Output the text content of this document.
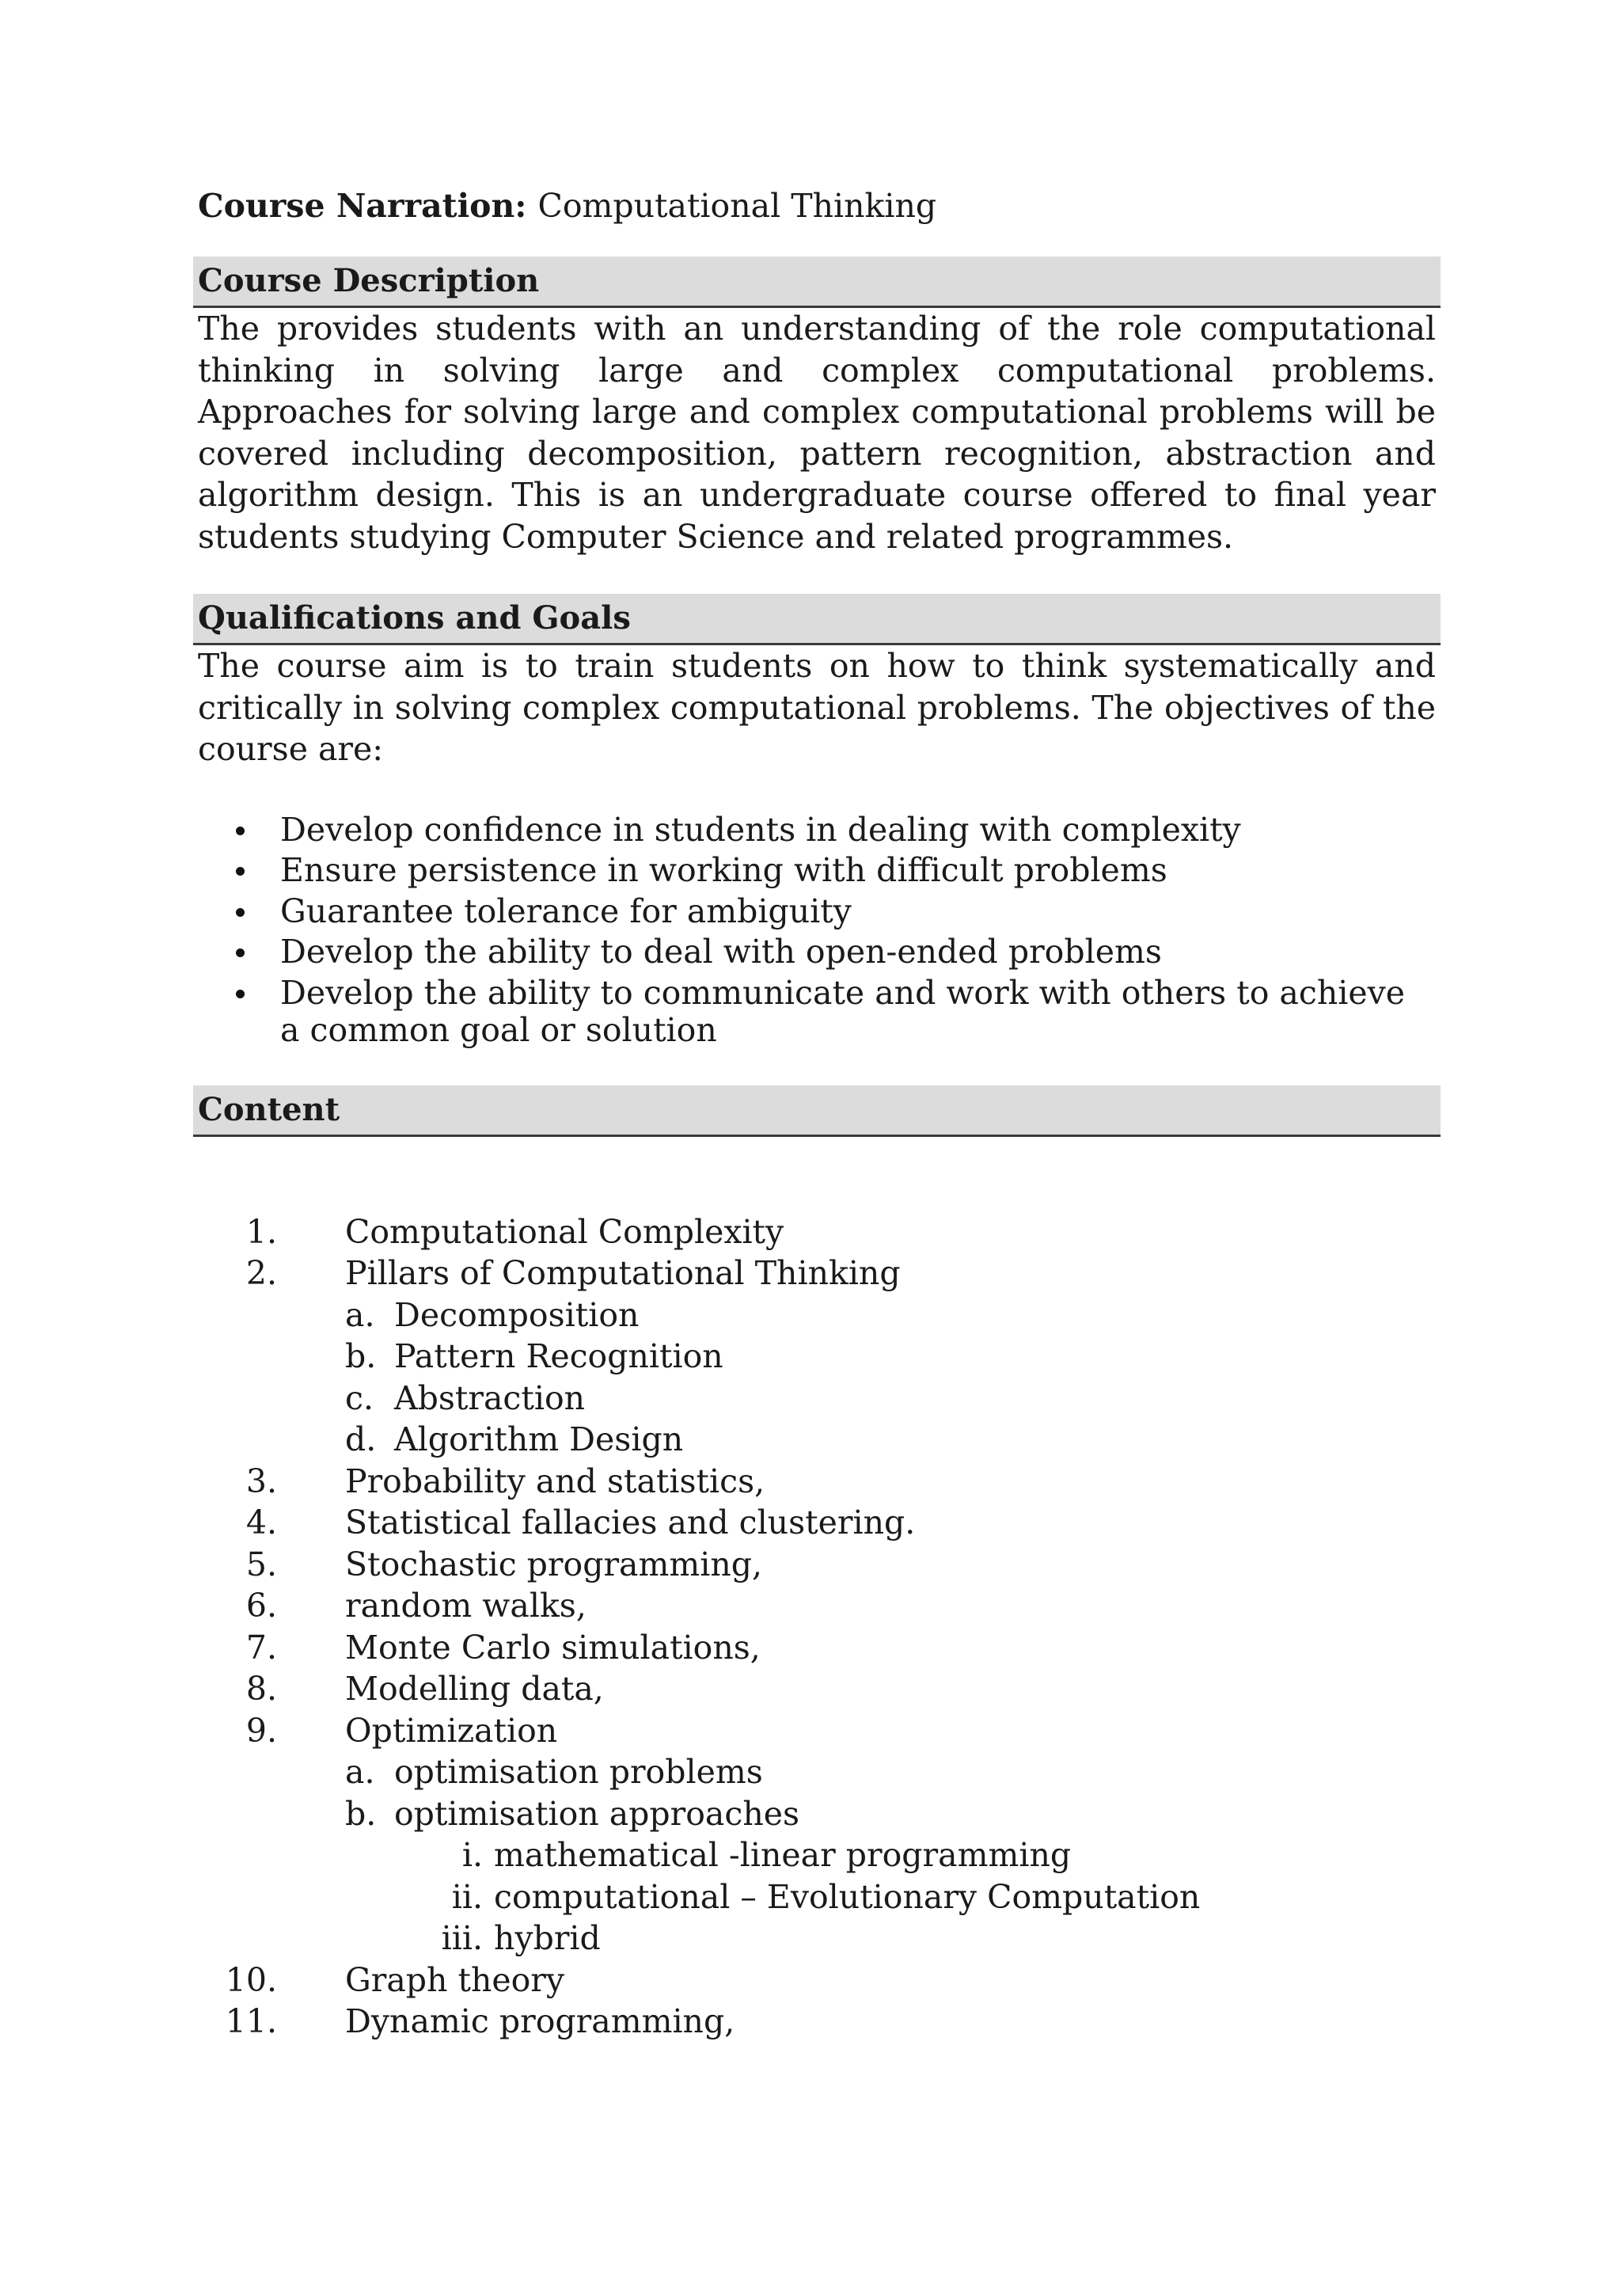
Course Narration: Computational Thinking
Course Description

The provides students with an understanding of the role computational thinking in solving large and complex computational problems. Approaches for solving large and complex computational problems will be covered including decomposition, pattern recognition, abstraction and algorithm design. This is an undergraduate course offered to final year students studying Computer Science and related programmes.

Qualifications and Goals

The course aim is to train students on how to think systematically and critically in solving complex computational problems. The objectives of the course are:

Develop confidence in students in dealing with complexity
Ensure persistence in working with difficult problems
Guarantee tolerance for ambiguity
Develop the ability to deal with open-ended problems
Develop the ability to communicate and work with others to achieve a common goal or solution
Content
1. Computational Complexity
2. Pillars of Computational Thinking
a. Decomposition
b. Pattern Recognition
c. Abstraction
d. Algorithm Design
3. Probability and statistics,
4. Statistical fallacies and clustering.
5. Stochastic programming,
6. random walks,
7. Monte Carlo simulations,
8. Modelling data,
9. Optimization
a. optimisation problems
b. optimisation approaches
i. mathematical -linear programming
ii. computational – Evolutionary Computation
iii. hybrid
10. Graph theory
11. Dynamic programming,
